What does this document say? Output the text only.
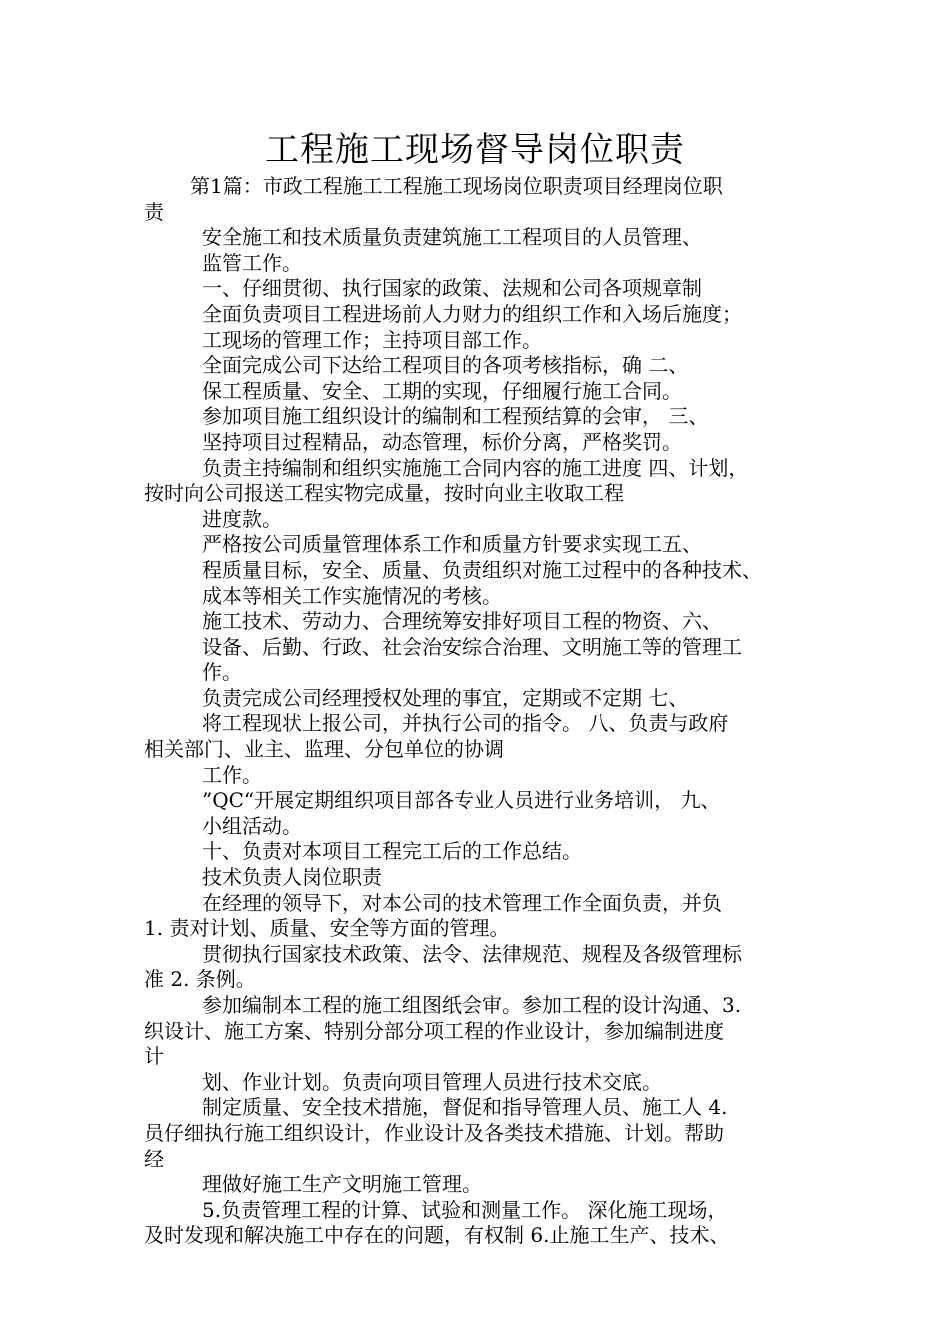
工程施工现场督导岗位职责
第1篇：市政工程施工工程施工现场岗位职责项目经理岗位职
责
安全施工和技术质量负责建筑施工工程项目的人员管理、
监管工作。
一、仔细贯彻、执行国家的政策、法规和公司各项规章制
全面负责项目工程进场前人力财力的组织工作和入场后施度；
工现场的管理工作；主持项目部工作。
全面完成公司下达给工程项目的各项考核指标，确 二、
保工程质量、安全、工期的实现，仔细履行施工合同。
参加项目施工组织设计的编制和工程预结算的会审， 三、
坚持项目过程精品，动态管理，标价分离，严格奖罚。
负责主持编制和组织实施施工合同内容的施工进度 四、计划，
按时向公司报送工程实物完成量，按时向业主收取工程
进度款。
严格按公司质量管理体系工作和质量方针要求实现工五、
程质量目标，安全、质量、负责组织对施工过程中的各种技术、
成本等相关工作实施情况的考核。
施工技术、劳动力、合理统筹安排好项目工程的物资、六、
设备、后勤、行政、社会治安综合治理、文明施工等的管理工
作。
负责完成公司经理授权处理的事宜，定期或不定期 七、
将工程现状上报公司，并执行公司的指令。 八、负责与政府
相关部门、业主、监理、分包单位的协调
工作。
”QC“开展定期组织项目部各专业人员进行业务培训， 九、
小组活动。
十、负责对本项目工程完工后的工作总结。
技术负责人岗位职责
在经理的领导下，对本公司的技术管理工作全面负责，并负
1. 责对计划、质量、安全等方面的管理。
贯彻执行国家技术政策、法令、法律规范、规程及各级管理标
准 2. 条例。
参加编制本工程的施工组图纸会审。参加工程的设计沟通、3.
织设计、施工方案、特别分部分项工程的作业设计，参加编制进度
计
划、作业计划。负责向项目管理人员进行技术交底。
制定质量、安全技术措施，督促和指导管理人员、施工人 4.
员仔细执行施工组织设计，作业设计及各类技术措施、计划。帮助
经
理做好施工生产文明施工管理。
5.负责管理工程的计算、试验和测量工作。 深化施工现场，
及时发现和解决施工中存在的问题，有权制 6.止施工生产、技术、
